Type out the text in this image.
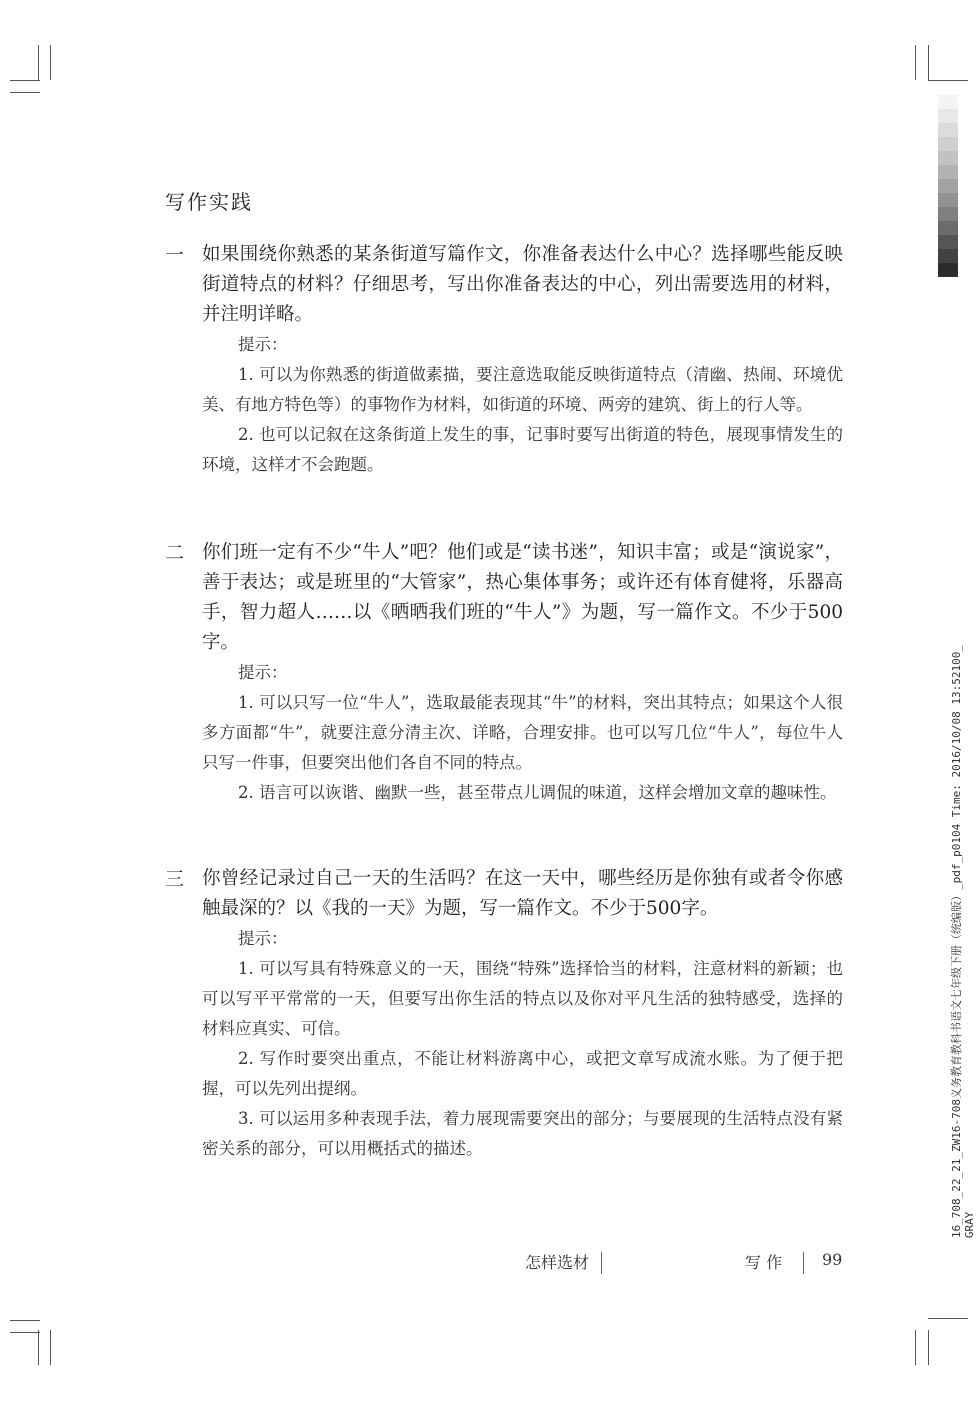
写作实践
一 如果围绕你熟悉的某条街道写篇作文，你准备表达什么中心？选择哪些能反映街道特点的材料？仔细思考，写出你准备表达的中心，列出需要选用的材料，并注明详略。
提示：
1. 可以为你熟悉的街道做素描，要注意选取能反映街道特点（清幽、热闹、环境优美、有地方特色等）的事物作为材料，如街道的环境、两旁的建筑、街上的行人等。
2. 也可以记叙在这条街道上发生的事，记事时要写出街道的特色，展现事情发生的环境，这样才不会跑题。
二 你们班一定有不少“牛人”吧？他们或是“读书迷”，知识丰富；或是“演说家”，善于表达；或是班里的“大管家”，热心集体事务；或许还有体育健将，乐器高手，智力超人……以《晒晒我们班的“牛人”》为题，写一篇作文。不少于500字。
提示：
1. 可以只写一位“牛人”，选取最能表现其“牛”的材料，突出其特点；如果这个人很多方面都“牛”，就要注意分清主次、详略，合理安排。也可以写几位“牛人”，每位牛人只写一件事，但要突出他们各自不同的特点。
2. 语言可以诙谐、幽默一些，甚至带点儿调侃的味道，这样会增加文章的趣味性。
三 你曾经记录过自己一天的生活吗？在这一天中，哪些经历是你独有或者令你感触最深的？以《我的一天》为题，写一篇作文。不少于500字。
提示：
1. 可以写具有特殊意义的一天，围绕“特殊”选择恰当的材料，注意材料的新颖；也可以写平平常常的一天，但要写出你生活的特点以及你对平凡生活的独特感受，选择的材料应真实、可信。
2. 写作时要突出重点，不能让材料游离中心，或把文章写成流水账。为了便于把握，可以先列出提纲。
3. 可以运用多种表现手法，着力展现需要突出的部分；与要展现的生活特点没有紧密关系的部分，可以用概括式的描述。
怎样选材	写 作 99
16_708_22_21_ZW16-708义务教育教科书语文七年级下册（统编版）_pdf_p0104 Time: 2016/10/08 13:52100_ GRAY
